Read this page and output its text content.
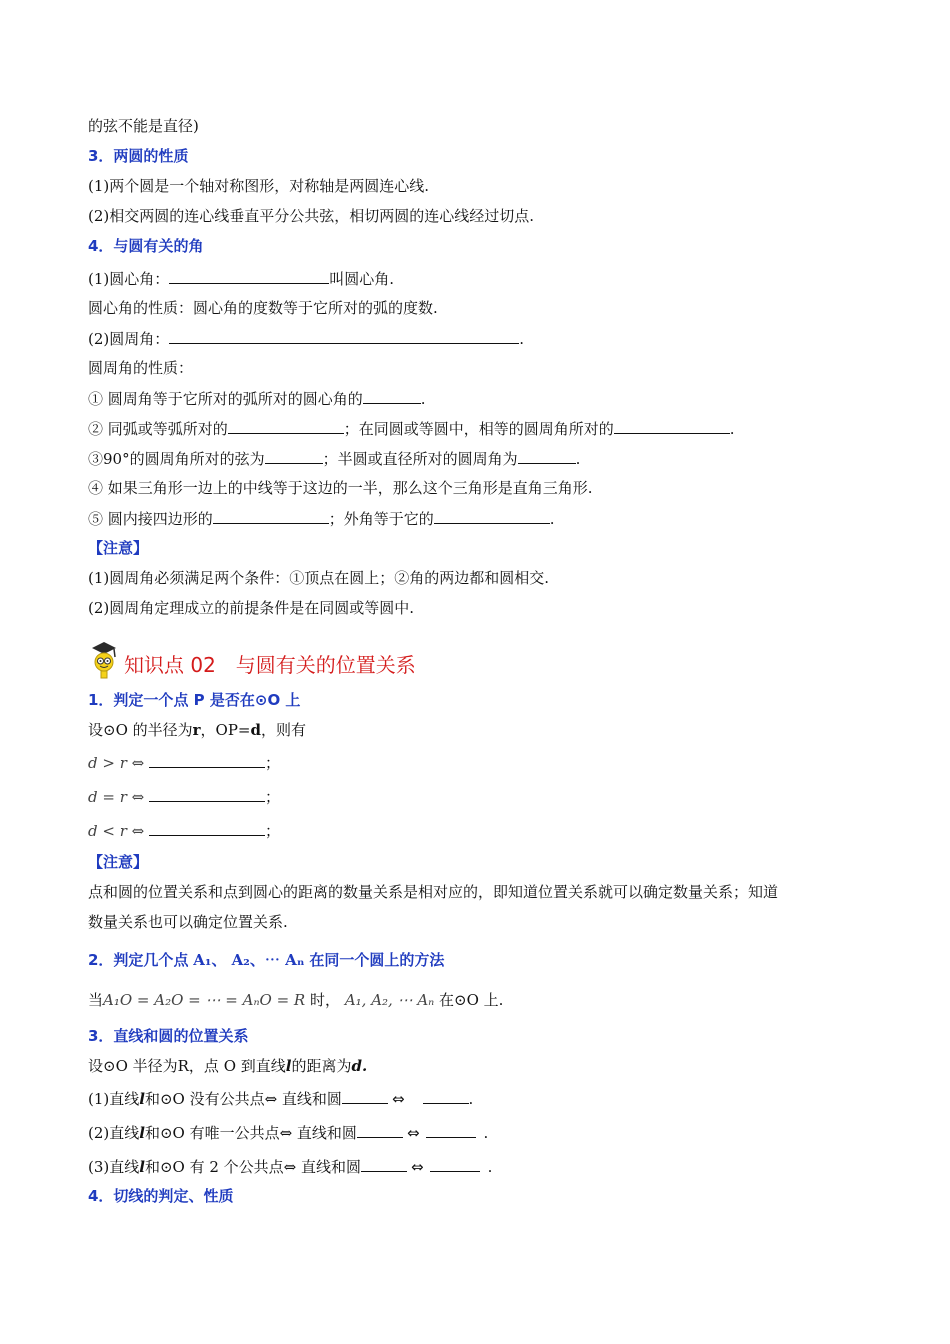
的弦不能是直径)
3．两圆的性质
(1)两个圆是一个轴对称图形，对称轴是两圆连心线.
(2)相交两圆的连心线垂直平分公共弦，相切两圆的连心线经过切点.
4．与圆有关的角
(1)圆心角：	叫圆心角.
圆心角的性质：圆心角的度数等于它所对的弧的度数.
(2)圆周角：	.
圆周角的性质：
① 圆周角等于它所对的弧所对的圆心角的	.
② 同弧或等弧所对的	；在同圆或等圆中，相等的圆周角所对的	.
③90°的圆周角所对的弦为	；半圆或直径所对的圆周角为	.
④ 如果三角形一边上的中线等于这边的一半，那么这个三角形是直角三角形.
⑤ 圆内接四边形的	；外角等于它的	.
【注意】
(1)圆周角必须满足两个条件：①顶点在圆上；②角的两边都和圆相交.
(2)圆周角定理成立的前提条件是在同圆或等圆中.
知识点 02　与圆有关的位置关系
1．判定一个点 P 是否在⊙O 上
设⊙O 的半径为r，OP=d，则有
d > r ⇔	；
d = r ⇔	；
d < r ⇔	；
【注意】
点和圆的位置关系和点到圆心的距离的数量关系是相对应的，即知道位置关系就可以确定数量关系；知道
数量关系也可以确定位置关系.
2．判定几个点 A₁、 A₂、⋯ Aₙ 在同一个圆上的方法
当A₁O = A₂O = ⋯ = AₙO = R 时， A₁, A₂, ⋯ Aₙ 在⊙O 上.
3．直线和圆的位置关系
设⊙O 半径为R，点 O 到直线l的距离为d.
(1)直线l和⊙O 没有公共点⇔ 直线和圆	⇔	.
(2)直线l和⊙O 有唯一公共点⇔ 直线和圆	⇔	.
(3)直线l和⊙O 有 2 个公共点⇔ 直线和圆	⇔	.
4．切线的判定、性质
